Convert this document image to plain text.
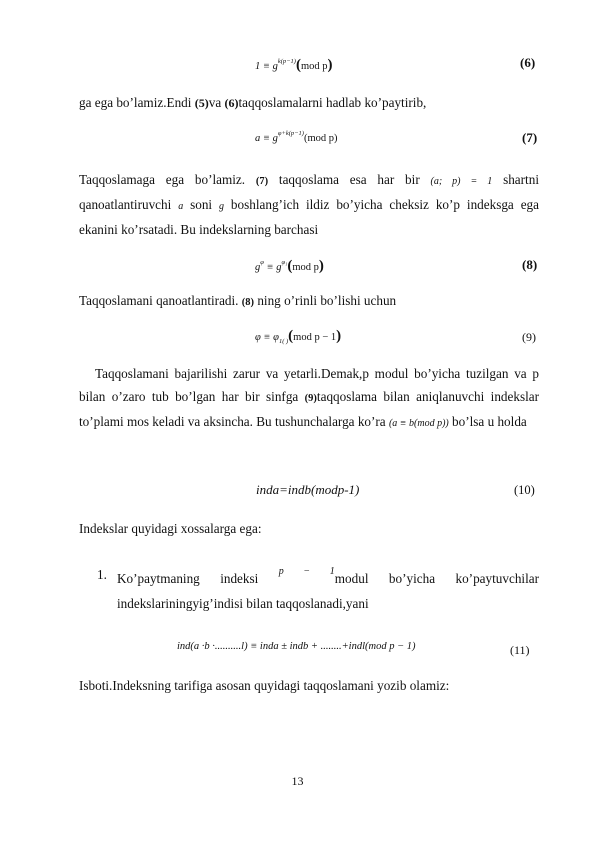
$1 \equiv g^{k(p-1)}(mod$ p)	(6)
ga ega bo’lamiz.Endi (5)va (6)taqqoslamalarni hadlab ko’paytirib,
$a \equiv g^{\varphi+k(p-1)}(mod$ p)	(7)
Taqqoslamaga ega bo’lamiz. (7) taqqoslama esa har bir (a; p) = 1 shartni qanoatlantiruvchi a soni g boshlang’ich ildiz bo’yicha cheksiz ko’p indeksga ega ekanini ko’rsatadi. Bu indekslarning barchasi
$g^\varphi \equiv g^{\varphi_1}(mod$ p)	(8)
Taqqoslamani qanoatlantiradi. (8) ning o’rinli bo’lishi uchun
$\varphi \equiv \varphi_{1( )}(mod$ p − 1)	(9)
Taqqoslamani bajarilishi zarur va yetarli.Demak,p modul bo’yicha tuzilgan va p bilan o’zaro tub bo’lgan har bir sinfga (9)taqqoslama bilan aniqlanuvchi indekslar to’plami mos keladi va aksincha. Bu tushunchalarga ko’ra (a ≡ b(mod p)) bo’lsa u holda
inda=indb(modp-1)	(10)
Indekslar quyidagi xossalarga ega:
1. Ko’paytmaning indeksi $^{p - 1}$modul bo’yicha ko’paytuvchilar indekslariningyig’indisi bilan taqqoslanadi,yani
ind(a ·b ·..........l) ≡ inda ± indb + ........+indl(mod p − 1)	(11)
Isboti.Indeksning tarifiga asosan quyidagi taqqoslamani yozib olamiz:
13
